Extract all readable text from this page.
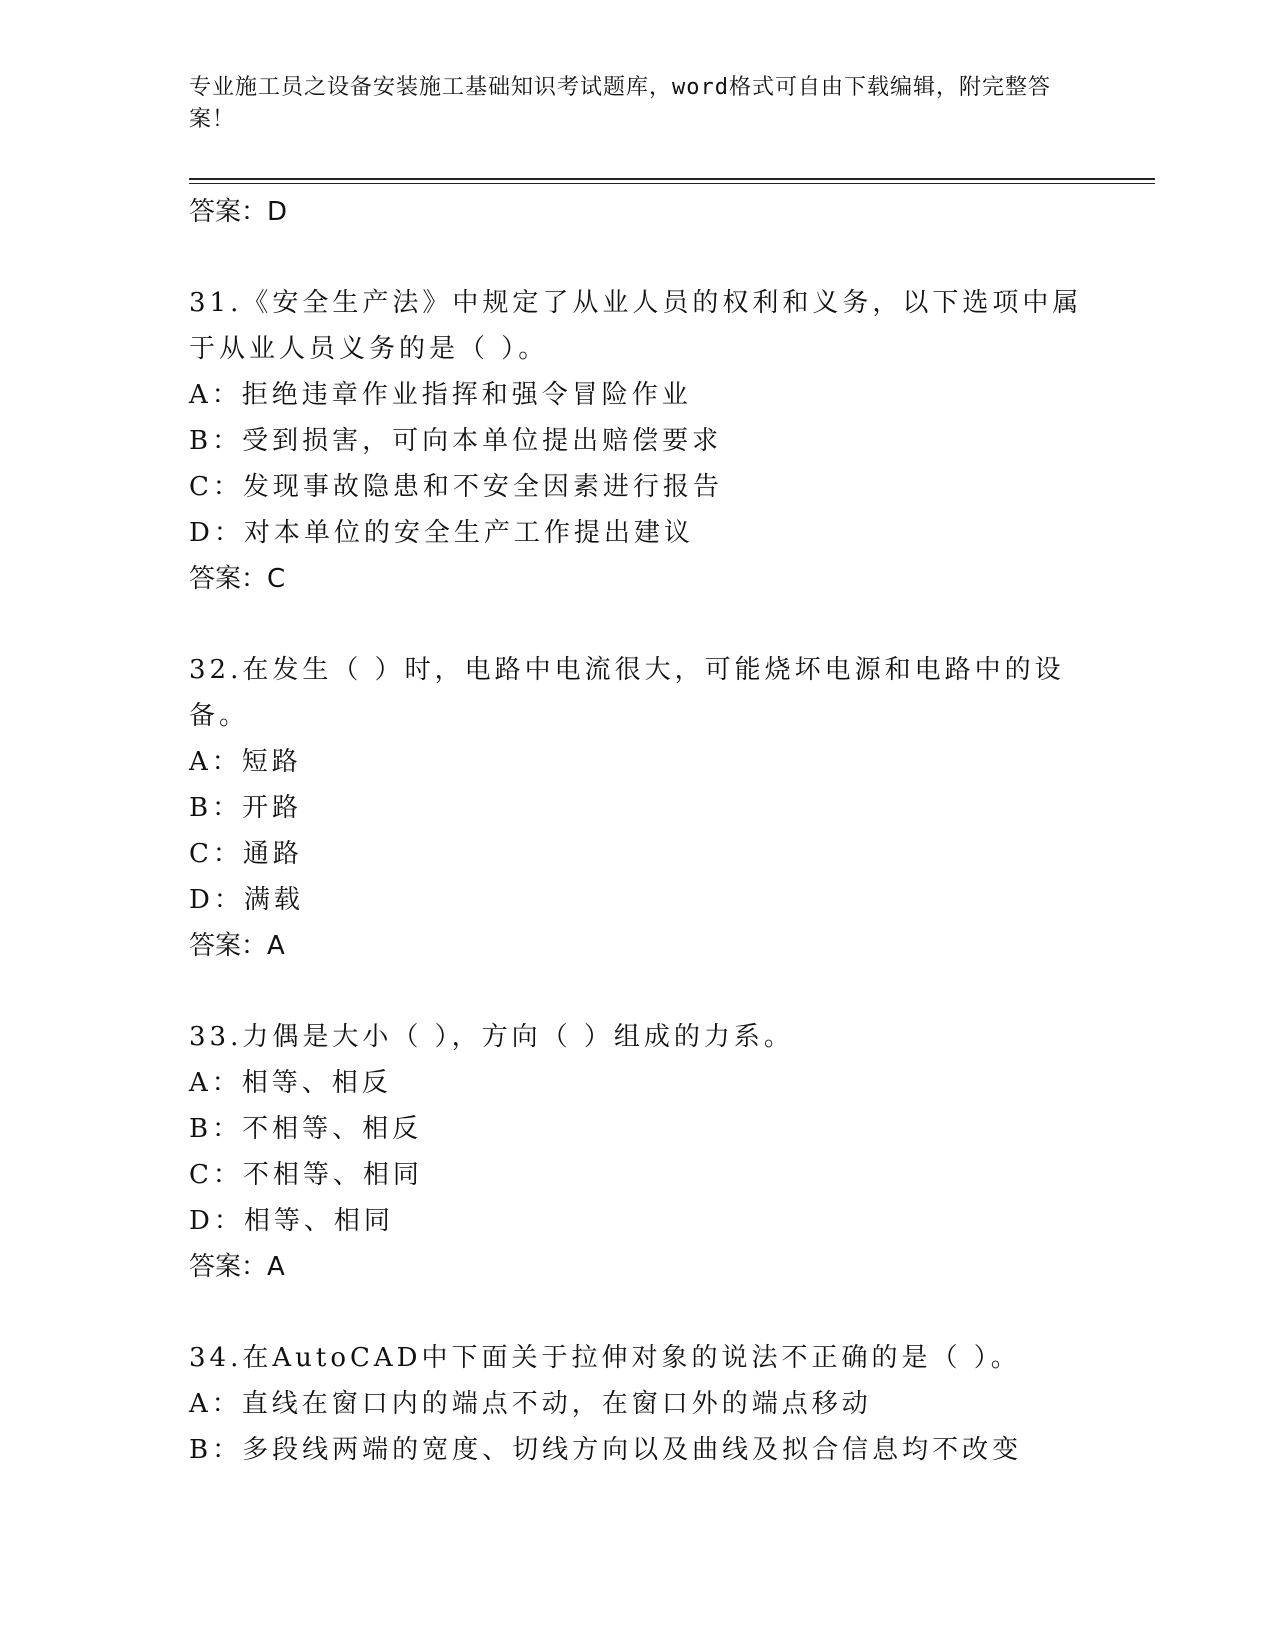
专业施工员之设备安装施工基础知识考试题库，word格式可自由下载编辑，附完整答案！
答案：D
31.《安全生产法》中规定了从业人员的权利和义务，以下选项中属于从业人员义务的是（ ）。
A：拒绝违章作业指挥和强令冒险作业
B：受到损害，可向本单位提出赔偿要求
C：发现事故隐患和不安全因素进行报告
D：对本单位的安全生产工作提出建议
答案：C
32.在发生（ ）时，电路中电流很大，可能烧坏电源和电路中的设备。
A：短路
B：开路
C：通路
D：满载
答案：A
33.力偶是大小（ ），方向（ ）组成的力系。
A：相等、相反
B：不相等、相反
C：不相等、相同
D：相等、相同
答案：A
34.在AutoCAD中下面关于拉伸对象的说法不正确的是（ ）。
A：直线在窗口内的端点不动，在窗口外的端点移动
B：多段线两端的宽度、切线方向以及曲线及拟合信息均不改变
